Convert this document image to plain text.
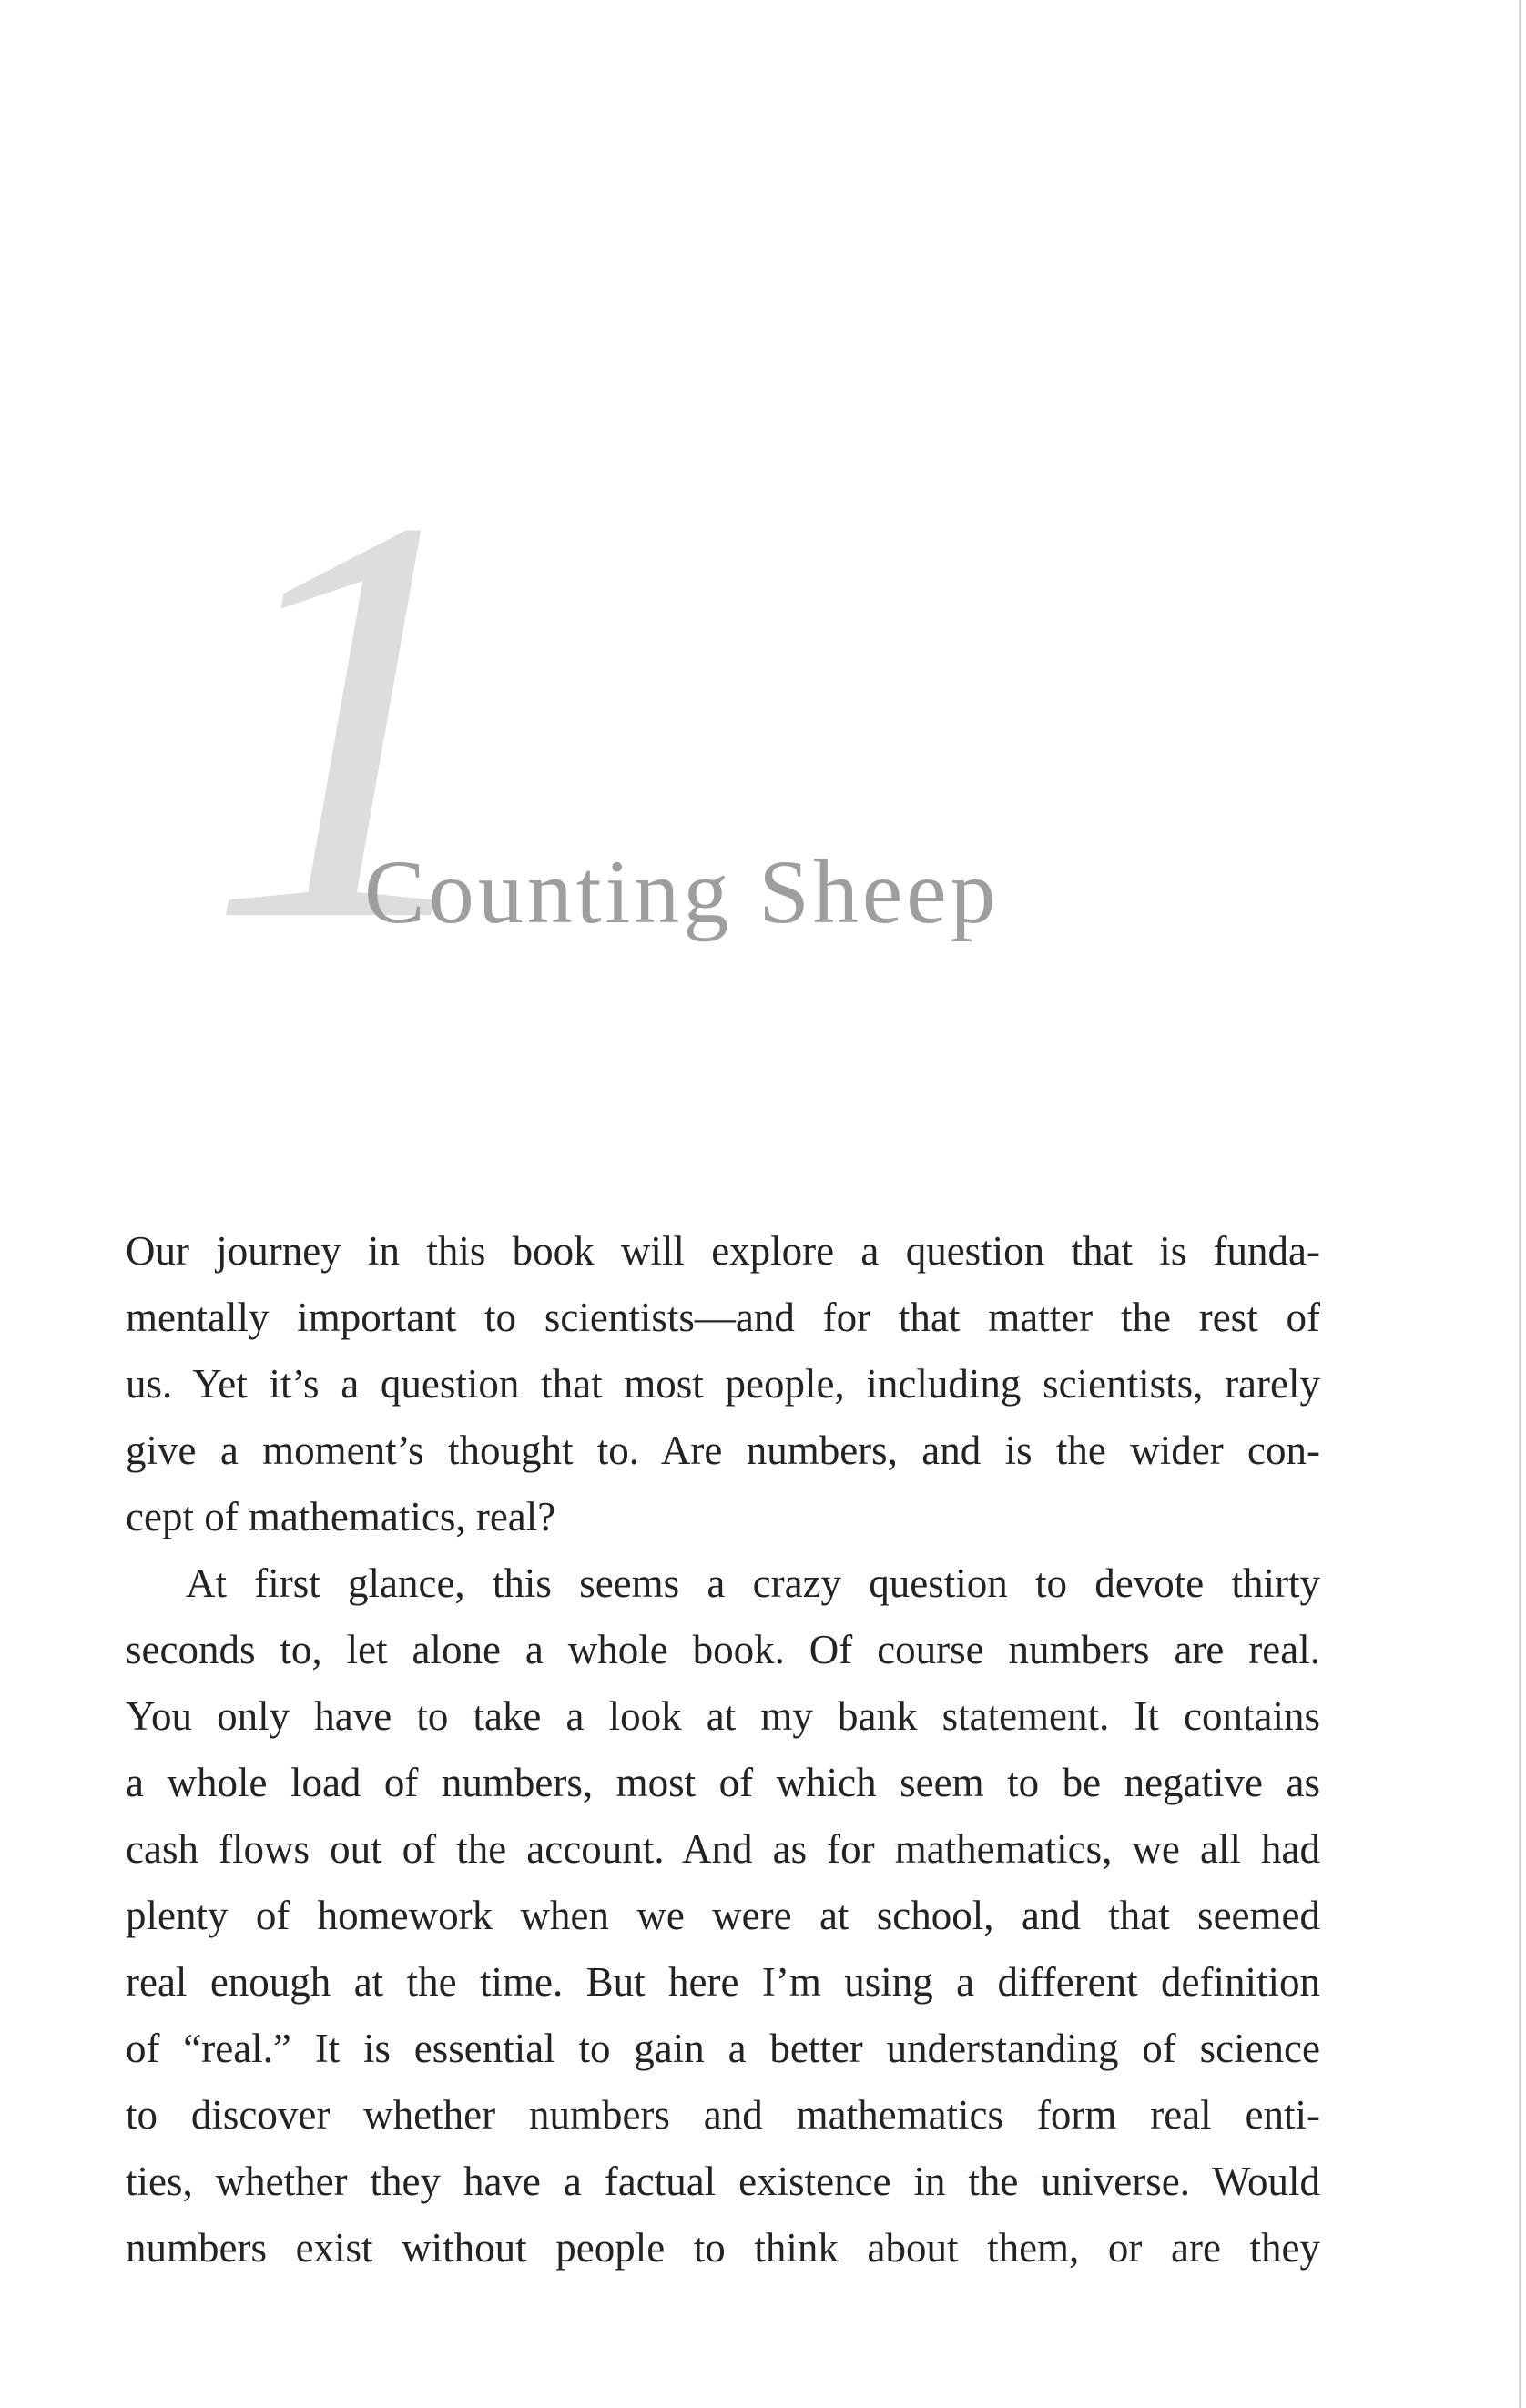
1
Counting Sheep
Our journey in this book will explore a question that is funda-
mentally important to scientists—and for that matter the rest of
us. Yet it’s a question that most people, including scientists, rarely
give a moment’s thought to. Are numbers, and is the wider con-
cept of mathematics, real?
At first glance, this seems a crazy question to devote thirty
seconds to, let alone a whole book. Of course numbers are real.
You only have to take a look at my bank statement. It contains
a whole load of numbers, most of which seem to be negative as
cash flows out of the account. And as for mathematics, we all had
plenty of homework when we were at school, and that seemed
real enough at the time. But here I’m using a different definition
of “real.” It is essential to gain a better understanding of science
to discover whether numbers and mathematics form real enti-
ties, whether they have a factual existence in the universe. Would
numbers exist without people to think about them, or are they
